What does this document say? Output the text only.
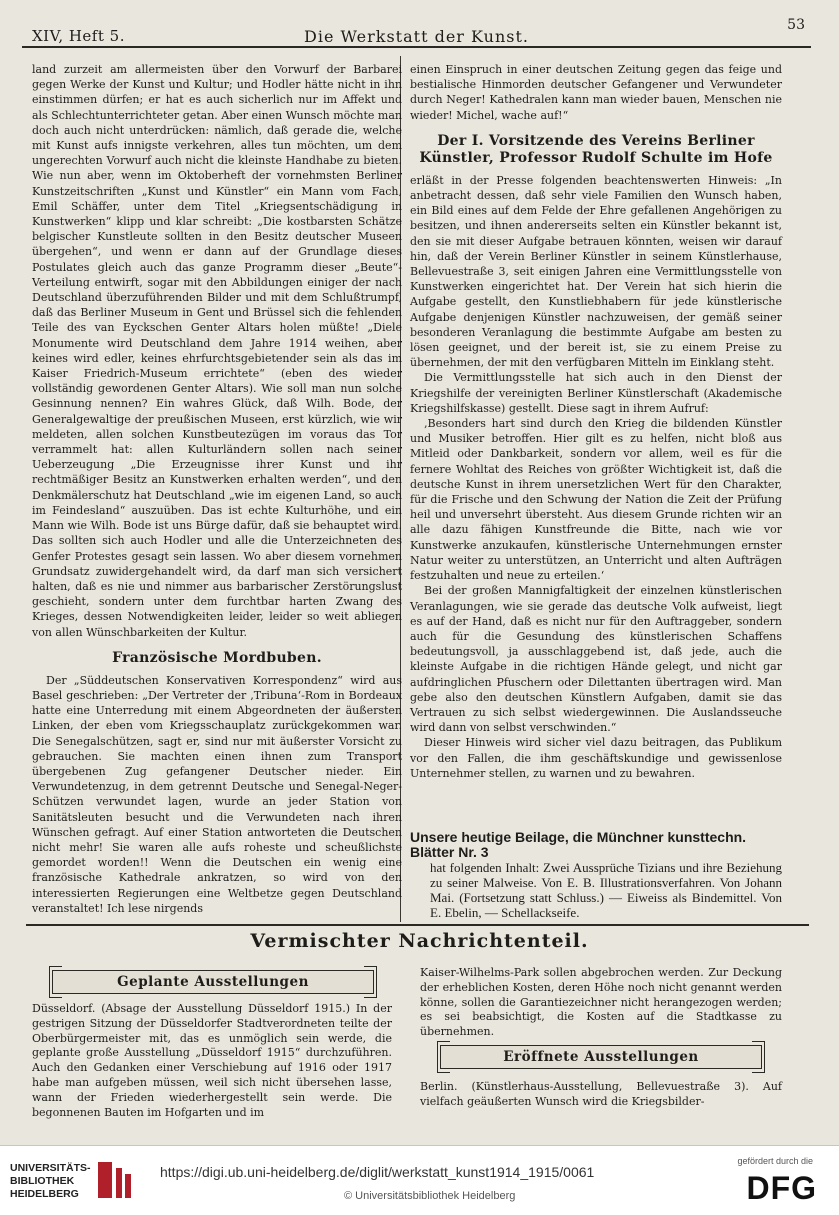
XIV, Heft 5.	Die Werkstatt der Kunst.
53

land zurzeit am allermeisten über den Vorwurf der Barbarei gegen Werke der Kunst und Kultur; und Hodler hätte nicht in ihn einstimmen dürfen; er hat es auch sicherlich nur im Affekt und als Schlechtunterrichteter getan. Aber einen Wunsch möchte man doch auch nicht unterdrücken: nämlich, daß gerade die, welche mit Kunst aufs innigste verkehren, alles tun möchten, um dem ungerechten Vorwurf auch nicht die kleinste Handhabe zu bieten. Wie nun aber, wenn im Oktoberheft der vornehmsten Berliner Kunstzeitschriften „Kunst und Künstler“ ein Mann vom Fach, Emil Schäffer, unter dem Titel „Kriegsentschädigung in Kunstwerken“ klipp und klar schreibt: „Die kostbarsten Schätze belgischer Kunstleute sollten in den Besitz deutscher Museen übergehen“, und wenn er dann auf der Grundlage dieses Postulates gleich auch das ganze Programm dieser „Beute“-Verteilung entwirft, sogar mit den Abbildungen einiger der nach Deutschland überzuführenden Bilder und mit dem Schlußtrumpf, daß das Berliner Museum in Gent und Brüssel sich die fehlenden Teile des van Eyckschen Genter Altars holen müßte! „Diele Monumente wird Deutschland dem Jahre 1914 weihen, aber keines wird edler, keines ehrfurchtsgebietender sein als das im Kaiser Friedrich-Museum errichtete“ (eben des wieder vollständig gewordenen Genter Altars). Wie soll man nun solche Gesinnung nennen? Ein wahres Glück, daß Wilh. Bode, der Generalgewaltige der preußischen Museen, erst kürzlich, wie wir meldeten, allen solchen Kunstbeutezügen im voraus das Tor verrammelt hat: allen Kulturländern sollen nach seiner Ueberzeugung „Die Erzeugnisse ihrer Kunst und ihr rechtmäßiger Besitz an Kunstwerken erhalten werden“, und den Denkmälerschutz hat Deutschland „wie im eigenen Land, so auch im Feindesland“ auszuüben. Das ist echte Kulturhöhe, und ein Mann wie Wilh. Bode ist uns Bürge dafür, daß sie behauptet wird. Das sollten sich auch Hodler und alle die Unterzeichneten des Genfer Protestes gesagt sein lassen. Wo aber diesem vornehmen Grundsatz zuwidergehandelt wird, da darf man sich versichert halten, daß es nie und nimmer aus barbarischer Zerstörungslust geschieht, sondern unter dem furchtbar harten Zwang des Krieges, dessen Notwendigkeiten leider, leider so weit abliegen von allen Wünschbarkeiten der Kultur.

Französische Mordbuben.

Der „Süddeutschen Konservativen Korrespondenz“ wird aus Basel geschrieben: „Der Vertreter der ‚Tribuna‘-Rom in Bordeaux hatte eine Unterredung mit einem Abgeordneten der äußersten Linken, der eben vom Kriegsschauplatz zurückgekommen war. Die Senegalschützen, sagt er, sind nur mit äußerster Vorsicht zu gebrauchen. Sie machten einen ihnen zum Transport übergebenen Zug gefangener Deutscher nieder. Ein Verwundetenzug, in dem getrennt Deutsche und Senegal-Neger-Schützen verwundet lagen, wurde an jeder Station von Sanitätsleuten besucht und die Verwundeten nach ihren Wünschen gefragt. Auf einer Station antworteten die Deutschen nicht mehr! Sie waren alle aufs roheste und scheußlichste gemordet worden!! Wenn die Deutschen ein wenig eine französische Kathedrale ankratzen, so wird von den interessierten Regierungen eine Weltbetze gegen Deutschland veranstaltet! Ich lese nirgends

einen Einspruch in einer deutschen Zeitung gegen das feige und bestialische Hinmorden deutscher Gefangener und Verwundeter durch Neger! Kathedralen kann man wieder bauen, Menschen nie wieder! Michel, wache auf!“

Der I. Vorsitzende des Vereins Berliner Künstler, Professor Rudolf Schulte im Hofe

erläßt in der Presse folgenden beachtenswerten Hinweis: „In anbetracht dessen, daß sehr viele Familien den Wunsch haben, ein Bild eines auf dem Felde der Ehre gefallenen Angehörigen zu besitzen, und ihnen andererseits selten ein Künstler bekannt ist, den sie mit dieser Aufgabe betrauen könnten, weisen wir darauf hin, daß der Verein Berliner Künstler in seinem Künstlerhause, Bellevuestraße 3, seit einigen Jahren eine Vermittlungsstelle von Kunstwerken eingerichtet hat. Der Verein hat sich hierin die Aufgabe gestellt, den Kunstliebhabern für jede künstlerische Aufgabe denjenigen Künstler nachzuweisen, der gemäß seiner besonderen Veranlagung die bestimmte Aufgabe am besten zu lösen geeignet, und der bereit ist, sie zu einem Preise zu übernehmen, der mit den verfügbaren Mitteln im Einklang steht.

Die Vermittlungsstelle hat sich auch in den Dienst der Kriegshilfe der vereinigten Berliner Künstlerschaft (Akademische Kriegshilfskasse) gestellt. Diese sagt in ihrem Aufruf:

‚Besonders hart sind durch den Krieg die bildenden Künstler und Musiker betroffen. Hier gilt es zu helfen, nicht bloß aus Mitleid oder Dankbarkeit, sondern vor allem, weil es für die fernere Wohltat des Reiches von größter Wichtigkeit ist, daß die deutsche Kunst in ihrem unersetzlichen Wert für den Charakter, für die Frische und den Schwung der Nation die Zeit der Prüfung heil und unversehrt übersteht. Aus diesem Grunde richten wir an alle dazu fähigen Kunstfreunde die Bitte, nach wie vor Kunstwerke anzukaufen, künstlerische Unternehmungen ernster Natur weiter zu unterstützen, an Unterricht und alten Aufträgen festzuhalten und neue zu erteilen.‘

Bei der großen Mannigfaltigkeit der einzelnen künstlerischen Veranlagungen, wie sie gerade das deutsche Volk aufweist, liegt es auf der Hand, daß es nicht nur für den Auftraggeber, sondern auch für die Gesundung des künstlerischen Schaffens bedeutungsvoll, ja ausschlaggebend ist, daß jede, auch die kleinste Aufgabe in die richtigen Hände gelegt, und nicht gar aufdringlichen Pfuschern oder Dilettanten übertragen wird. Man gebe also den deutschen Künstlern Aufgaben, damit sie das Vertrauen zu sich selbst wiedergewinnen. Die Auslandsseuche wird dann von selbst verschwinden.“

Dieser Hinweis wird sicher viel dazu beitragen, das Publikum vor den Fallen, die ihm geschäftskundige und gewissenlose Unternehmer stellen, zu warnen und zu bewahren.

Unsere heutige Beilage, die Münchner kunsttechn. Blätter Nr. 3
hat folgenden Inhalt: Zwei Aussprüche Tizians und ihre Beziehung zu seiner Malweise. Von E. B. Illustrationsverfahren. Von Johann Mai. (Fortsetzung statt Schluss.) — Eiweiss als Bindemittel. Von E. Ebelin, — Schellackseife.
Vermischter Nachrichtenteil.
Geplante Ausstellungen
Düsseldorf. (Absage der Ausstellung Düsseldorf 1915.) In der gestrigen Sitzung der Düsseldorfer Stadtverordneten teilte der Oberbürgermeister mit, das es unmöglich sein werde, die geplante große Ausstellung „Düsseldorf 1915“ durchzuführen. Auch den Gedanken einer Verschiebung auf 1916 oder 1917 habe man aufgeben müssen, weil sich nicht übersehen lasse, wann der Frieden wiederhergestellt sein werde. Die begonnenen Bauten im Hofgarten und im
Kaiser-Wilhelms-Park sollen abgebrochen werden. Zur Deckung der erheblichen Kosten, deren Höhe noch nicht genannt werden könne, sollen die Garantiezeichner nicht herangezogen werden; es sei beabsichtigt, die Kosten auf die Stadtkasse zu übernehmen.
Eröffnete Ausstellungen
Berlin. (Künstlerhaus-Ausstellung, Bellevuestraße 3). Auf vielfach geäußerten Wunsch wird die Kriegsbilder-
UNIVERSITÄTS-
BIBLIOTHEK
HEIDELBERG
https://digi.ub.uni-heidelberg.de/diglit/werkstatt_kunst1914_1915/0061
© Universitätsbibliothek Heidelberg
gefördert durch die
DFG
